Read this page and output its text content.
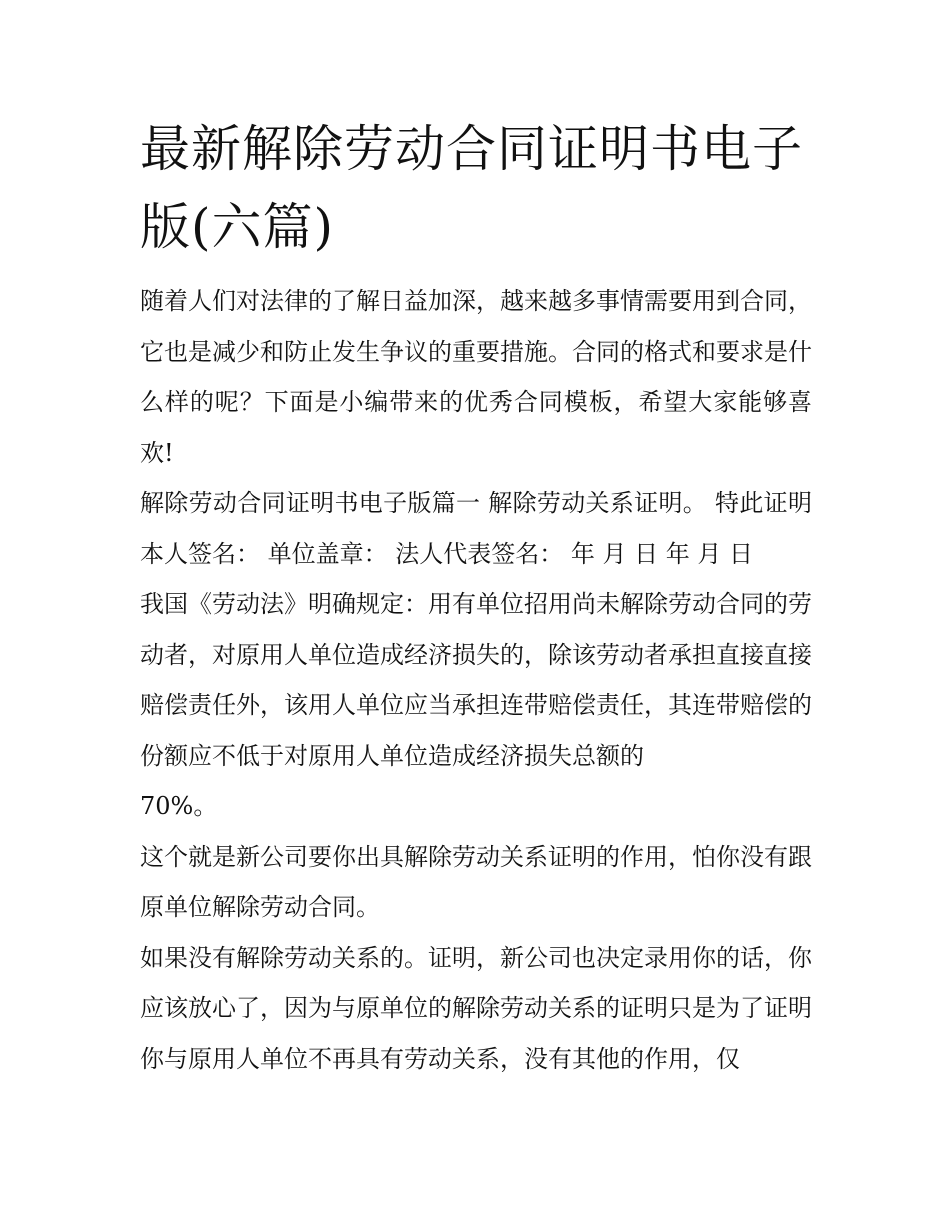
最新解除劳动合同证明书电子版(六篇)

随着人们对法律的了解日益加深，越来越多事情需要用到合同，它也是减少和防止发生争议的重要措施。合同的格式和要求是什么样的呢？下面是小编带来的优秀合同模板，希望大家能够喜欢!

解除劳动合同证明书电子版篇一 解除劳动关系证明。 特此证明 本人签名： 单位盖章： 法人代表签名： 年 月 日 年 月 日

我国《劳动法》明确规定：用有单位招用尚未解除劳动合同的劳动者，对原用人单位造成经济损失的，除该劳动者承担直接直接赔偿责任外，该用人单位应当承担连带赔偿责任，其连带赔偿的份额应不低于对原用人单位造成经济损失总额的

70%。

这个就是新公司要你出具解除劳动关系证明的作用，怕你没有跟原单位解除劳动合同。

如果没有解除劳动关系的。证明，新公司也决定录用你的话，你应该放心了，因为与原单位的解除劳动关系的证明只是为了证明你与原用人单位不再具有劳动关系，没有其他的作用，仅
